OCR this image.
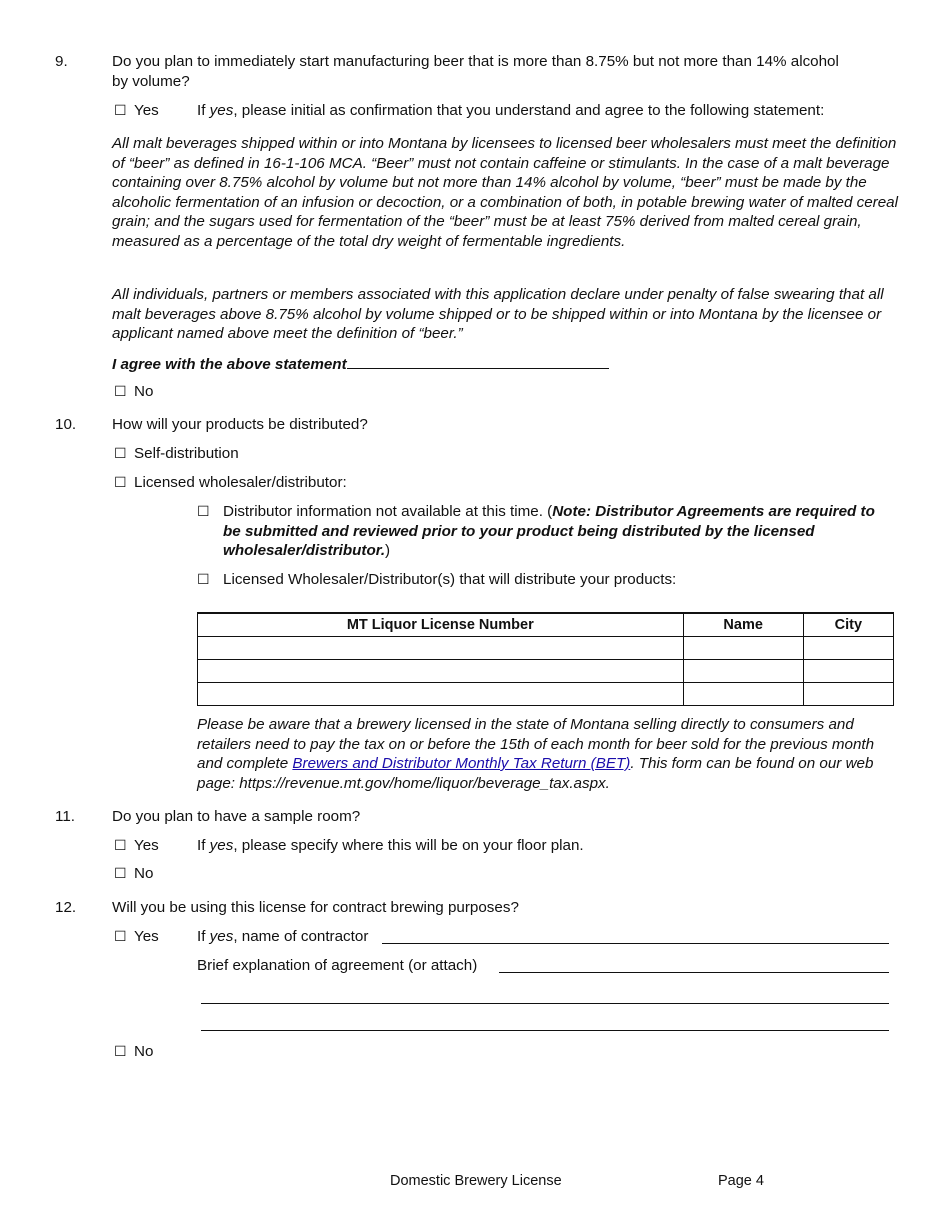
9.	Do you plan to immediately start manufacturing beer that is more than 8.75% but not more than 14% alcohol
by volume?
☐ Yes	If yes, please initial as confirmation that you understand and agree to the following statement:
All malt beverages shipped within or into Montana by licensees to licensed beer wholesalers must meet the definition of “beer” as defined in 16-1-106 MCA. “Beer” must not contain caffeine or stimulants. In the case of a malt beverage containing over 8.75% alcohol by volume but not more than 14% alcohol by volume, “beer” must be made by the alcoholic fermentation of an infusion or decoction, or a combination of both, in potable brewing water of malted cereal grain; and the sugars used for fermentation of the “beer” must be at least 75% derived from malted cereal grain, measured as a percentage of the total dry weight of fermentable ingredients.
All individuals, partners or members associated with this application declare under penalty of false swearing that all malt beverages above 8.75% alcohol by volume shipped or to be shipped within or into Montana by the licensee or applicant named above meet the definition of “beer.”
I agree with the above statement
☐ No
10. How will your products be distributed?
☐ Self-distribution
☐ Licensed wholesaler/distributor:
☐ Distributor information not available at this time. (Note: Distributor Agreements are required to be submitted and reviewed prior to your product being distributed by the licensed wholesaler/distributor.)
☐ Licensed Wholesaler/Distributor(s) that will distribute your products:
MT Liquor License Number	Name	City

Please be aware that a brewery licensed in the state of Montana selling directly to consumers and retailers need to pay the tax on or before the 15th of each month for beer sold for the previous month and complete Brewers and Distributor Monthly Tax Return (BET). This form can be found on our web page: https://revenue.mt.gov/home/liquor/beverage_tax.aspx.
11. Do you plan to have a sample room?
☐ Yes	If yes, please specify where this will be on your floor plan.
☐ No
12. Will you be using this license for contract brewing purposes?
☐ Yes	If yes, name of contractor
Brief explanation of agreement (or attach)
☐ No
Domestic Brewery License	Page 4
